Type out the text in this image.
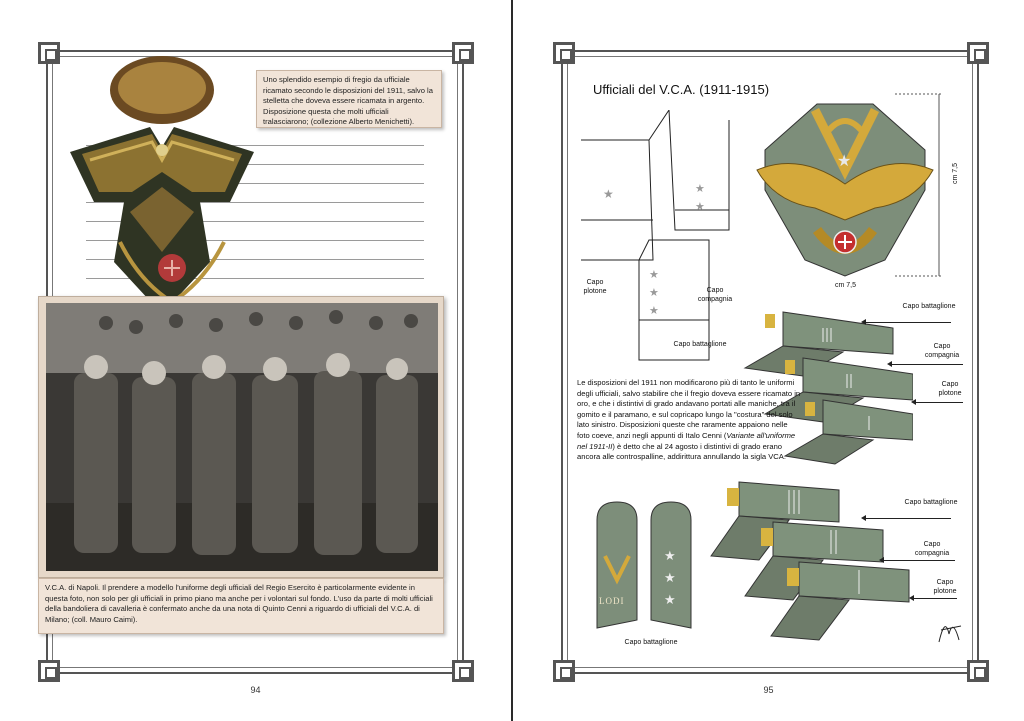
Uno splendido esempio di fregio da ufficiale ricamato secondo le disposizioni del 1911, salvo la stelletta che doveva essere ricamata in argento. Disposizione questa che molti ufficiali tralasciarono; (collezione Alberto Menichetti).
V.C.A. di Napoli. Il prendere a modello l'uniforme degli ufficiali del Regio Esercito è particolarmente evidente in questa foto, non solo per gli ufficiali in primo piano ma anche per i volontari sul fondo. L'uso da parte di molti ufficiali della bandoliera di cavalleria è confermato anche da una nota di Quinto Cenni a riguardo di ufficiali del V.C.A. di Milano; (coll. Mauro Caimi).
94
Ufficiali del V.C.A. (1911-1915)
★	★
★
★
★
★
Capo plotone	Capo compagnia
Capo battaglione
★
cm 7,5
cm 7,5
Capo battaglione
Capo compagnia
Capo plotone
Le disposizioni del 1911 non modificarono più di tanto le uniformi degli ufficiali, salvo stabilire che il fregio doveva essere ricamato in oro, e che i distintivi di grado andavano portati alle maniche, tra il gomito e il paramano, e sul copricapo lungo la "costura" del solo lato sinistro. Disposizioni queste che raramente appaiono nelle foto coeve, anzi negli appunti di Italo Cenni (Variante all'uniforme nel 1911-II) è detto che al 24 agosto i distintivi di grado erano ancora alle controspalline, addirittura annullando la sigla VCA.
★
★
★
LODI
Capo battaglione
Capo battaglione
Capo compagnia
Capo plotone
95
